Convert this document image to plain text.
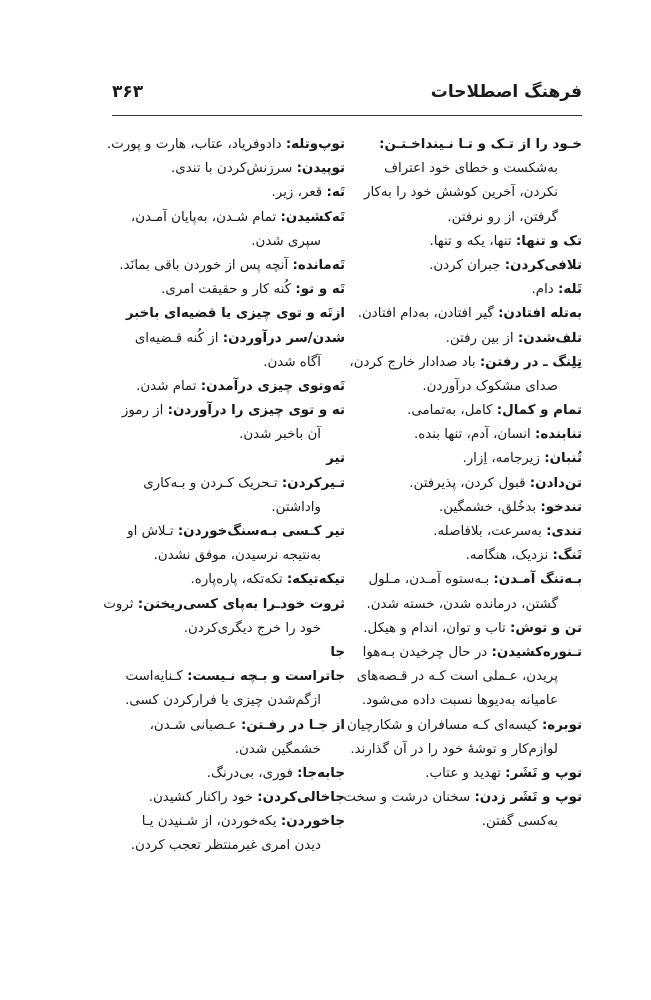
فرهنگ اصطلاحات
۳۶۳
خـود را از تـک و تـا نـینداخـتـن:
به‌شکست و خطای خود اعتراف
نکردن، آخرین کوشش خود را به‌کار
گرفتن، از رو نرفتن.
تک و تنها: تنها، یکه و تنها.
تلافی‌کردن: جبران کردن.
تَله: دام.
به‌تله افتادن: گیر افتادن، به‌دام افتادن.
تلف‌شدن: از بین رفتن.
تِلِنگ ـ در رفتن: باد صدادار خارج کردن،
صدای مشکوک درآوردن.
تمام و کمال: کامل، به‌تمامی.
تنابنده: انسان، آدم، تنها بنده.
تُنبان: زیرجامه، اِزار.
تن‌دادن: قبول کردن، پذیرفتن.
تندخو: بدخُلق، خشمگین.
تندی: به‌سرعت، بلافاصله.
تَنگ: نزدیک، هنگامه.
بـه‌تنگ آمـدن: بـه‌ستوه آمـدن، مـلول
گشتن، درمانده شدن، خسته شدن.
تن و توش: تاب و توان، اندام و هیکل.
تـنوره‌کشیدن: در حال چرخیدن بـه‌هوا
پریدن، عـملی است کـه در قـصه‌های
عامیانه به‌دیوها نسبت داده می‌شود.
توبره: کیسه‌ای کـه مسافران و شکارچیان
لوازم‌کار و توشهٔ خود را در آن گذارند.
توپ و تَشَر: تهدید و عتاب.
توپ و تَشَر زدن: سخنان درشت و سخت
به‌کسی گفتن.
توپ‌وتله: دادوفریاد، عتاب، هارت و پورت.
توپیدن: سرزنش‌کردن با تندی.
تَه: قعر، زیر.
تَه‌کشیدن: تمام شـدن، به‌پایان آمـدن،
سپری شدن.
تَه‌مانده: آنچه پس از خوردن باقی بمانَد.
تَه و تو: کُنه کار و حقیقت امری.
ازتَه و توی چیزی یا قضیه‌ای باخبر
شدن/سر درآوردن: از کُنه قـضیه‌ای
آگاه شدن.
تَه‌وتوی چیزی درآمدن: تمام شدن.
ته و توی چیزی را درآوردن: از رموز
آن باخبر شدن.
تیر
تـیرکردن: تـحریک کـردن و بـه‌کاری
واداشتن.
تیر کـسی بـه‌سنگ‌خوردن: تـلاش او
به‌نتیجه نرسیدن، موفق نشدن.
تیکه‌تیکه: تکه‌تکه، پاره‌پاره.
ثروت خود‌ـرا به‌پای کسی‌ریختن: ثروت
خود را خرج دیگری‌کردن.
جا
جاتراست و بـچه نـیست: کـنایه‌است
ازگم‌شدن چیزی یا فرارکردن کسی.
از جـا در رفـتن: عـصبانی شـدن،
خشمگین شدن.
جابه‌جا: فوری، بی‌درنگ.
جاخالی‌کردن: خود راکنار کشیدن.
جاخوردن: یکه‌خوردن، از شـنیدن یـا
دیدن امری غیرمنتظر تعجب کردن.
